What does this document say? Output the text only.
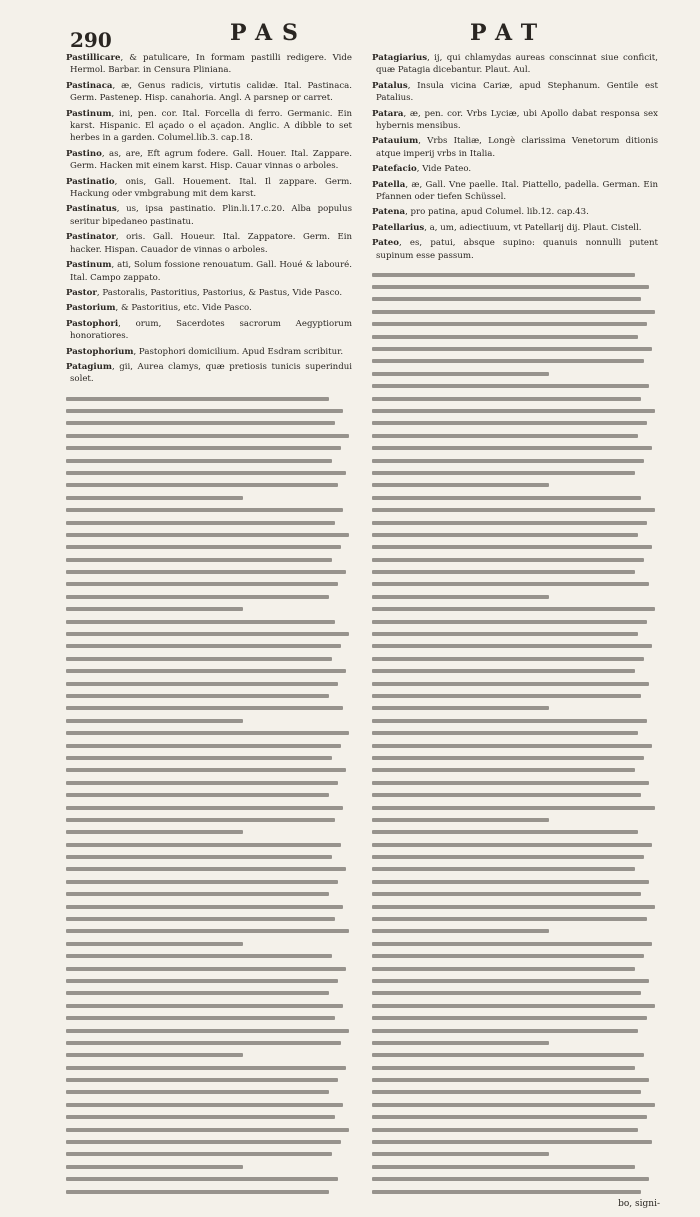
290	PAS	PAT

Pastillicare, & patulicare, In formam pastilli redigere. Vide Hermol. Barbar. in Censura Pliniana.

Pastinaca, æ, Genus radicis, virtutis calidæ. Ital. Pastinaca. Germ. Pastenep. Hisp. canahoria. Angl. A parsnep or carret.

Pastinum, ini, pen. cor. Ital. Forcella di ferro. Germanic. Ein karst. Hispanic. El açado o el açadon. Anglic. A dibble to set herbes in a garden. Columel.lib.3. cap.18.

Pastino, as, are, Eft agrum fodere. Gall. Houer. Ital. Zappare. Germ. Hacken mit einem karst. Hisp. Cauar vinnas o arboles.

Pastinatio, onis, Gall. Houement. Ital. Il zappare. Germ. Hackung oder vmbgrabung mit dem karst.

Pastinatus, us, ipsa pastinatio. Plin.li.17.c.20. Alba populus seritur bipedaneo pastinatu.

Pastinator, oris. Gall. Houeur. Ital. Zappatore. Germ. Ein hacker. Hispan. Cauador de vinnas o arboles.

Pastinum, ati, Solum fossione renouatum. Gall. Houé & labouré. Ital. Campo zappato.

Pastor, Pastoralis, Pastoritius, Pastorius, & Pastus, Vide Pasco.

Pastorium, & Pastoritius, etc. Vide Pasco.

Pastophori, orum, Sacerdotes sacrorum Aegyptiorum honoratiores.

Pastophorium, Pastophori domicilium. Apud Esdram scribitur.

Patagium, gii, Aurea clamys, quæ pretiosis tunicis superindui solet.

Patagiarius, ij, qui chlamydas aureas conscinnat siue conficit, quæ Patagia dicebantur. Plaut. Aul.

Patalus, Insula vicina Cariæ, apud Stephanum. Gentile est Patalius.

Patara, æ, pen. cor. Vrbs Lyciæ, ubi Apollo dabat responsa sex hybernis mensibus.

Patauium, Vrbs Italiæ, Longè clarissima Venetorum ditionis atque imperij vrbs in Italia.

Patefacio, Vide Pateo.

Patella, æ, Gall. Vne paelle. Ital. Piattello, padella. German. Ein Pfannen oder tiefen Schüssel.

Patena, pro patina, apud Columel. lib.12. cap.43.

Patellarius, a, um, adiectiuum, vt Patellarij dij. Plaut. Cistell.

Pateo, es, patui, absque supino: quanuis nonnulli putent supinum esse passum.

bo, signi-
